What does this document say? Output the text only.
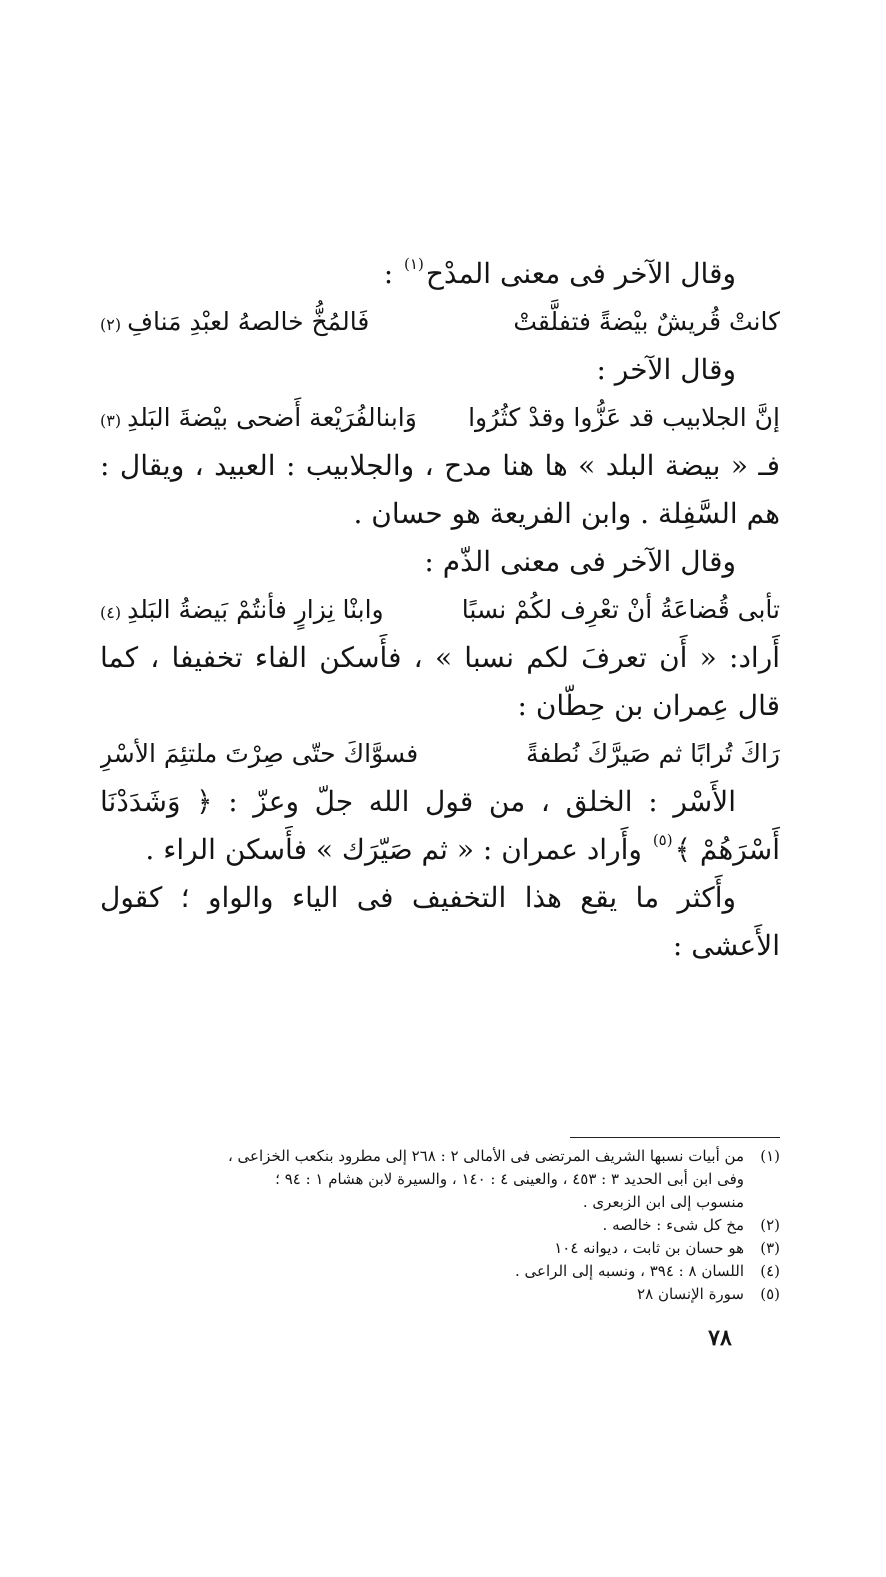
وقال الآخر فى معنى المدْح$^{(١)}$ :
كانتْ قُريشٌ بيْضةً فتفلَّقتْ
فَالمُخُّ خالصهُ لعبْدِ مَنافِ(٢)
وقال الآخر :
إنَّ الجلابيب قد عَزُّوا وقدْ كثُرُوا
وَابنالفُرَيْعة أَضحى بيْضةَ البَلدِ(٣)
فـ « بيضة البلد » ها هنا مدح ، والجلابيب : العبيد ، ويقال :
هم السَّفِلة . وابن الفريعة هو حسان .
وقال الآخر فى معنى الذّم :
تأبى قُضاعَةُ أنْ تعْرِف لكُمْ نسبًا
وابنْا نِزارٍ فأنتُمْ بَيضةُ البَلدِ(٤)
أَراد: « أَن تعرفَ لكم نسبا » ، فأَسكن الفاء تخفيفا ، كما
قال عِمران بن حِطّان :
رَاكَ تُرابًا ثم صَيرَّكَ نُطفةً
فسوَّاكَ حتّى صِرْتَ ملتئِمَ الأسْرِ
الأَسْر : الخلق ، من قول الله جلّ وعزّ : ﴿ وَشَدَدْنَا
أَسْرَهُمْ ﴾$^{(٥)}$ وأَراد عمران : « ثم صَيّرَك » فأَسكن الراء .
وأَكثر ما يقع هذا التخفيف فى الياء والواو ؛ كقول
الأَعشى :
(١)
من أبيات نسبها الشريف المرتضى فى الأمالى ٢ : ٢٦٨ إلى مطرود بنكعب الخزاعى ،
وفى ابن أبى الحديد ٣ : ٤٥٣ ، والعينى ٤ : ١٤٠ ، والسيرة لابن هشام ١ : ٩٤ ؛
منسوب إلى ابن الزبعرى .
(٢)
مخ كل شىء : خالصه .
(٣)
هو حسان بن ثابت ، ديوانه ١٠٤
(٤)
اللسان ٨ : ٣٩٤ ، ونسبه إلى الراعى .
(٥)
سورة الإنسان ٢٨
٧٨
